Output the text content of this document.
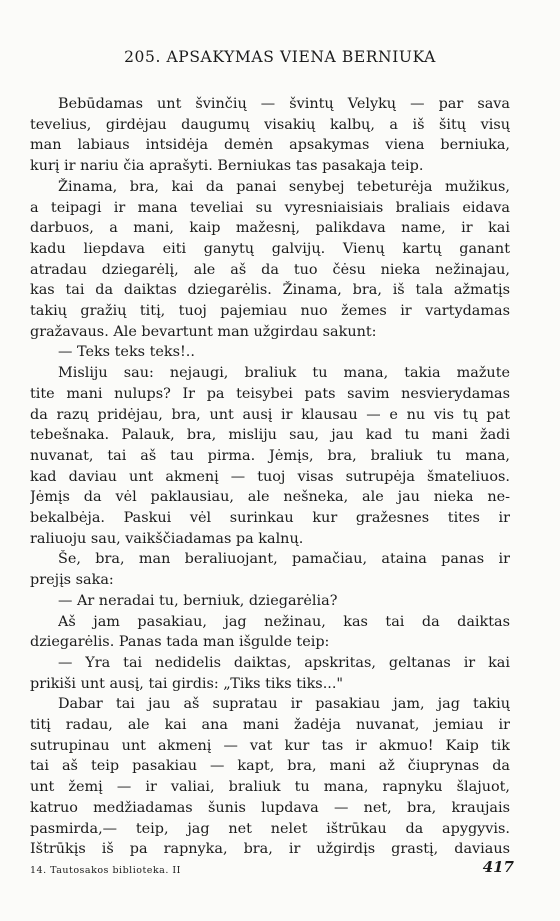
205. APSAKYMAS VIENA BERNIUKA
Bebūdamas unt švinčių — švintų Velykų — par sava
tevelius, girdėjau daugumų visakių kalbų, a iš šitų visų
man labiaus intsidėja demėn apsakymas viena berniuka,
kurį ir nariu čia aprašyti. Berniukas tas pasakaja teip.
Žinama, bra, kai da panai senybej tebeturėja mužikus,
a teipagi ir mana teveliai su vyresniaisiais braliais eidava
darbuos, a mani, kaip mažesnį, palikdava name, ir kai
kadu liepdava eiti ganytų galvijų. Vienų kartų ganant
atradau dziegarėlį, ale aš da tuo čėsu nieka nežinajau,
kas tai da daiktas dziegarėlis. Žinama, bra, iš tala ažmatįs
takių gražių titį, tuoj pajemiau nuo žemes ir vartydamas
gražavaus. Ale bevartunt man užgirdau sakunt:
— Teks teks teks!..
Misliju sau: nejaugi, braliuk tu mana, takia mažute
tite mani nulups? Ir pa teisybei pats savim nesvierydamas
da razų pridėjau, bra, unt ausį ir klausau — e nu vis tų pat
tebešnaka. Palauk, bra, misliju sau, jau kad tu mani žadi
nuvanat, tai aš tau pirma. Jėmįs, bra, braliuk tu mana,
kad daviau unt akmenį — tuoj visas sutrupėja šmateliuos.
Jėmįs da vėl paklausiau, ale nešneka, ale jau nieka ne-
bekalbėja. Paskui vėl surinkau kur gražesnes tites ir
raliuoju sau, vaikščiadamas pa kalnų.
Še, bra, man beraliuojant, pamačiau, ataina panas ir
prejįs saka:
— Ar neradai tu, berniuk, dziegarėlia?
Aš jam pasakiau, jag nežinau, kas tai da daiktas
dziegarėlis. Panas tada man išgulde teip:
— Yra tai nedidelis daiktas, apskritas, geltanas ir kai
prikiši unt ausį, tai girdis: „Tiks tiks tiks..."
Dabar tai jau aš supratau ir pasakiau jam, jag takių
titį radau, ale kai ana mani žadėja nuvanat, jemiau ir
sutrupinau unt akmenį — vat kur tas ir akmuo! Kaip tik
tai aš teip pasakiau — kapt, bra, mani až čiuprynas da
unt žemį — ir valiai, braliuk tu mana, rapnyku šlajuot,
katruo medžiadamas šunis lupdava — net, bra, kraujais
pasmirda,— teip, jag net nelet ištrūkau da apygyvis.
Ištrūkįs iš pa rapnyka, bra, ir užgirdįs grastį, daviaus
14. Tautosakos biblioteka. II	417
